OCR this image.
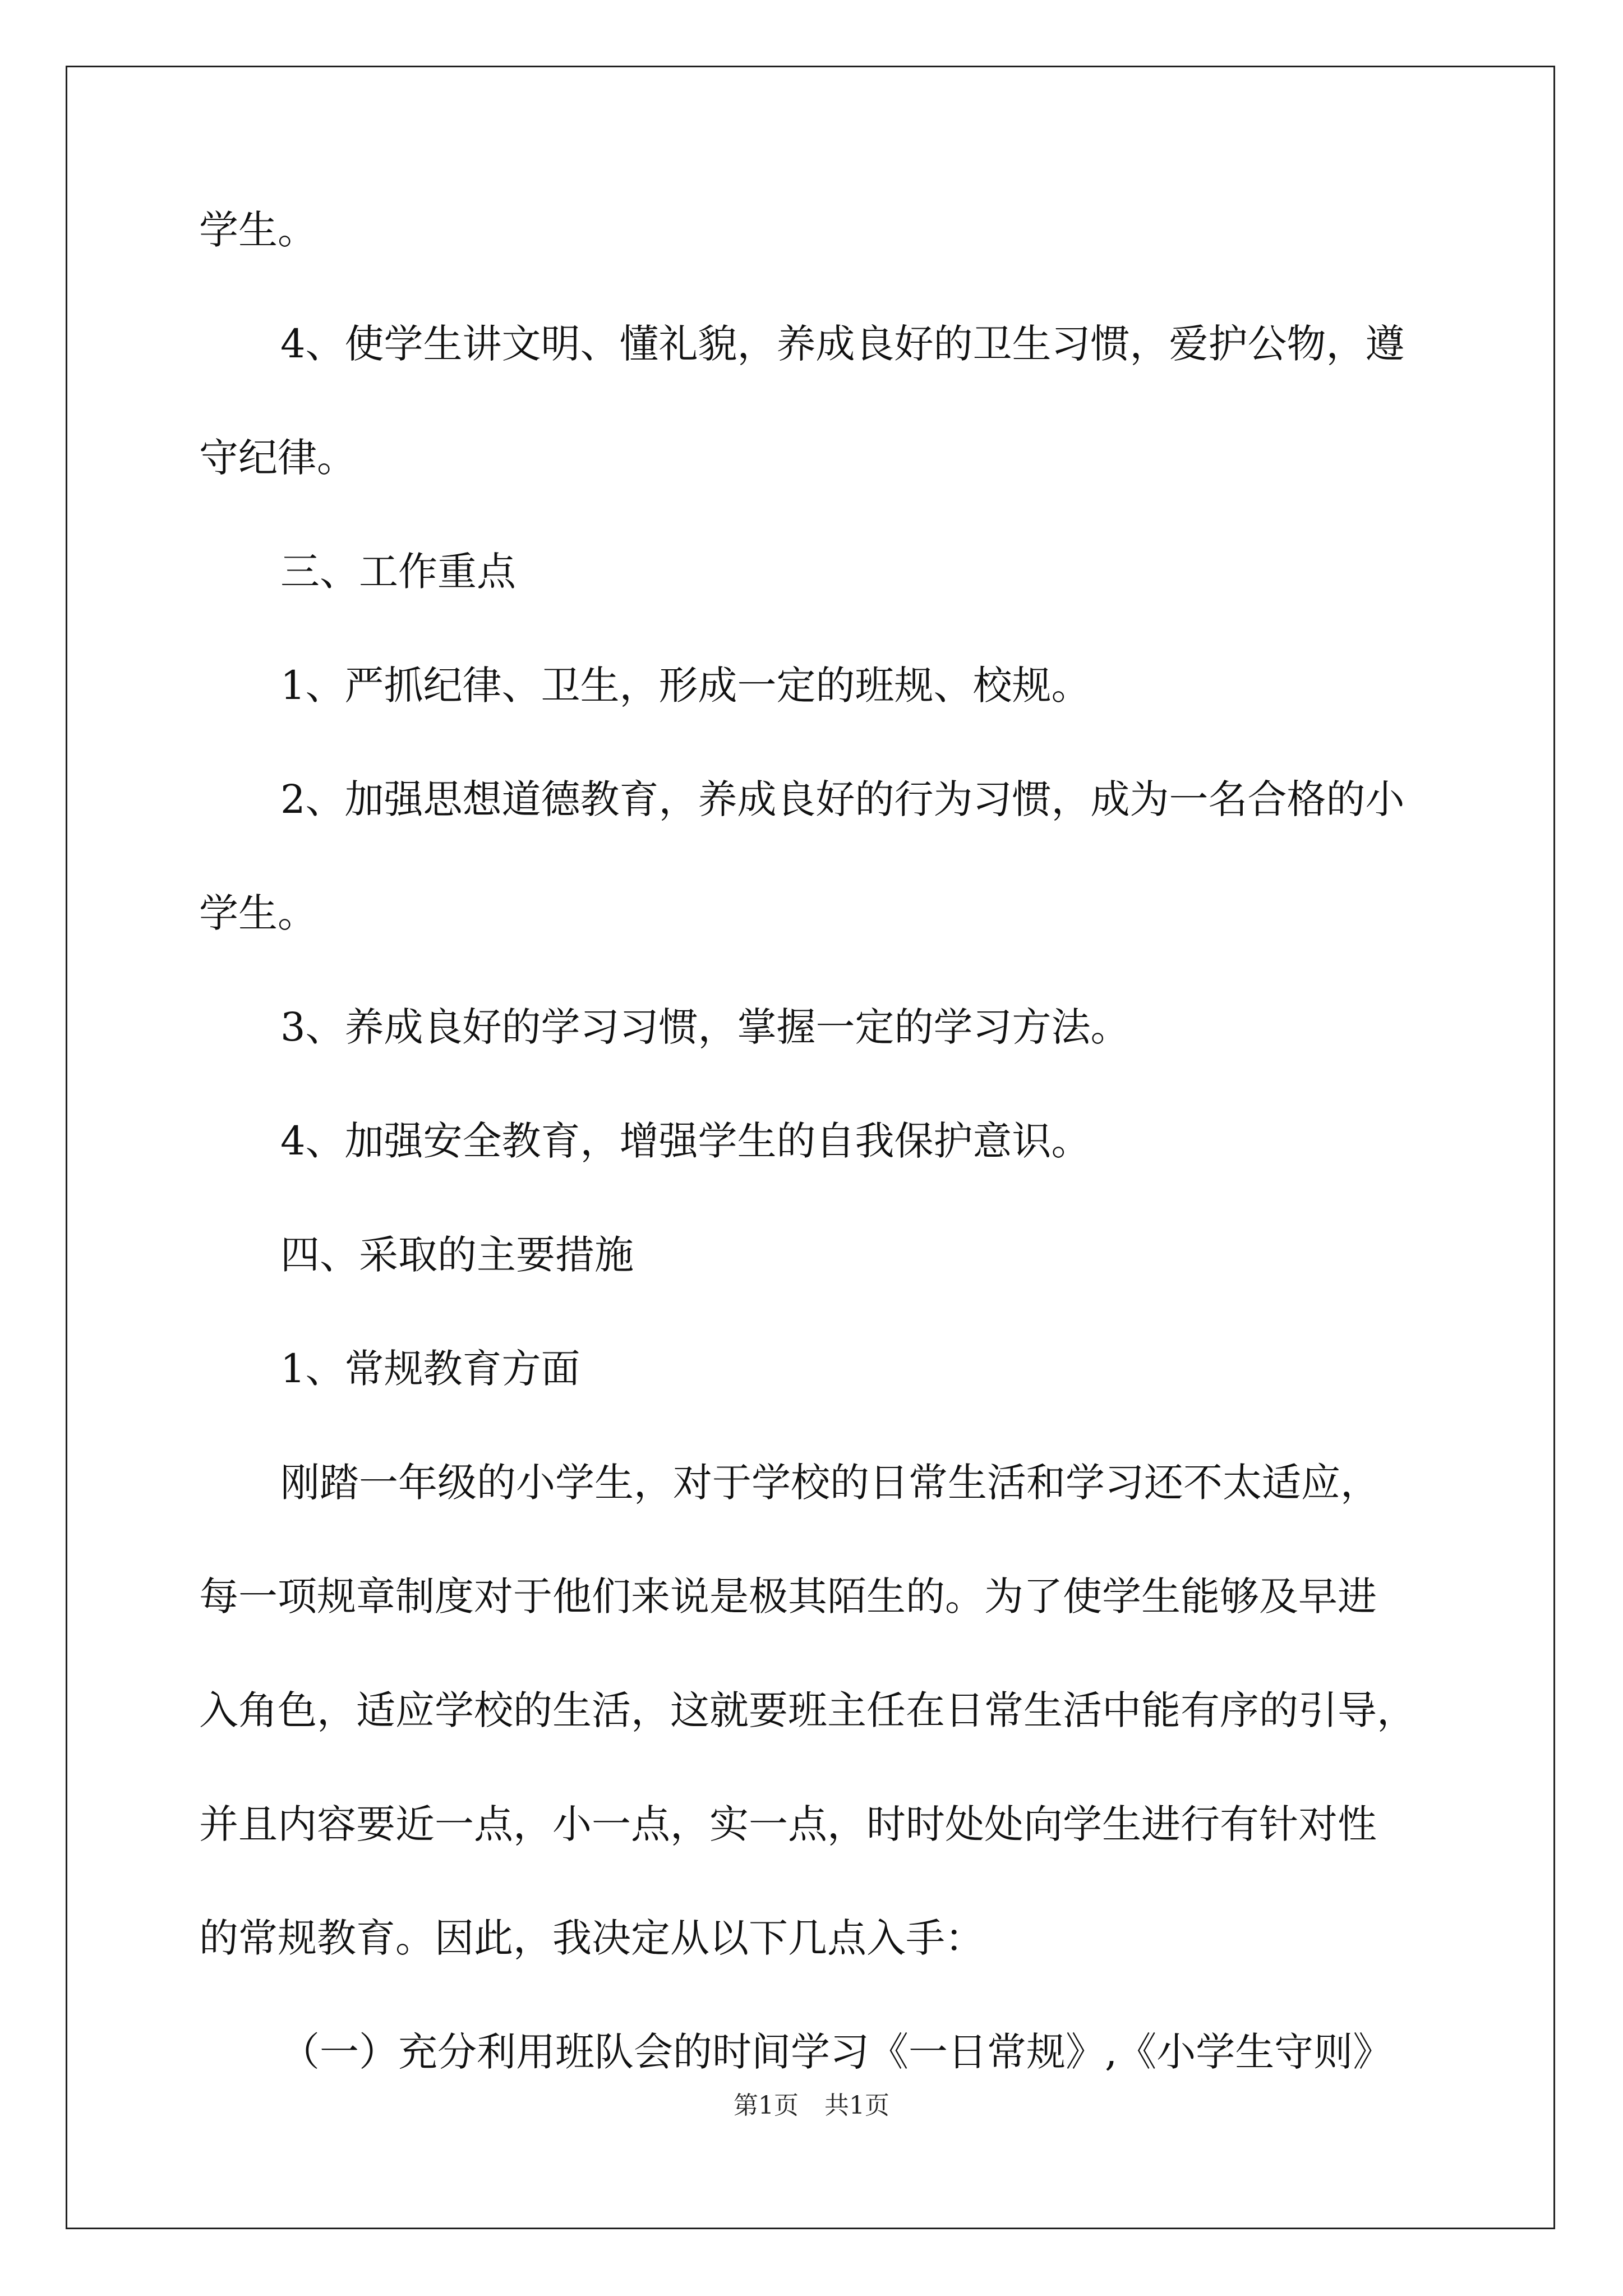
学生。

4、使学生讲文明、懂礼貌，养成良好的卫生习惯，爱护公物，遵

守纪律。

三、工作重点

1、严抓纪律、卫生，形成一定的班规、校规。

2、加强思想道德教育，养成良好的行为习惯，成为一名合格的小

学生。

3、养成良好的学习习惯，掌握一定的学习方法。

4、加强安全教育，增强学生的自我保护意识。

四、采取的主要措施

1、常规教育方面

刚踏一年级的小学生，对于学校的日常生活和学习还不太适应，

每一项规章制度对于他们来说是极其陌生的。为了使学生能够及早进

入角色，适应学校的生活，这就要班主任在日常生活中能有序的引导，

并且内容要近一点，小一点，实一点，时时处处向学生进行有针对性

的常规教育。因此，我决定从以下几点入手：

（一）充分利用班队会的时间学习《一日常规》,《小学生守则》

第1页 共1页
